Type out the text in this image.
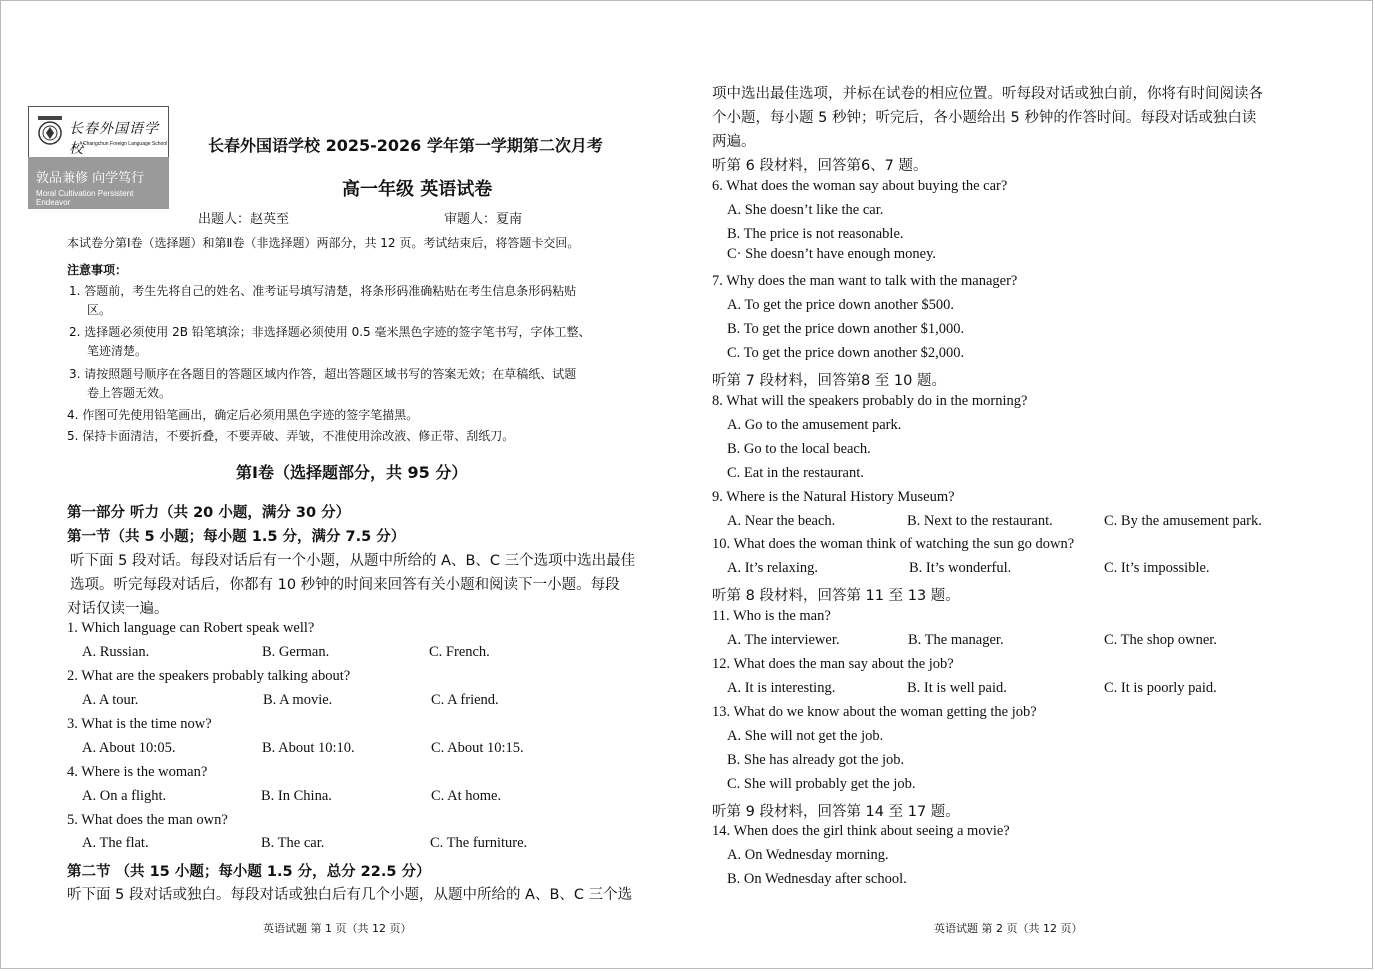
长春外国语学校 Changchun Foreign Language School
敦品兼修 向学笃行
Moral Cultivation Persistent Endeavor
长春外国语学校 2025-2026 学年第一学期第二次月考
高一年级 英语试卷
出题人：赵英至	审题人：夏南
本试卷分第Ⅰ卷（选择题）和第Ⅱ卷（非选择题）两部分，共 12 页。考试结束后，将答题卡交回。
注意事项：
1. 答题前，考生先将自己的姓名、准考证号填写清楚，将条形码准确粘贴在考生信息条形码粘贴
区。
2. 选择题必须使用 2B 铅笔填涂；非选择题必须使用 0.5 毫米黑色字迹的签字笔书写，字体工整、
笔迹清楚。
3. 请按照题号顺序在各题目的答题区域内作答，超出答题区域书写的答案无效；在草稿纸、试题
卷上答题无效。
4. 作图可先使用铅笔画出，确定后必须用黑色字迹的签字笔描黑。
5. 保持卡面清洁，不要折叠，不要弄破、弄皱，不准使用涂改液、修正带、刮纸刀。
第Ⅰ卷（选择题部分，共 95 分）
第一部分 听力（共 20 小题，满分 30 分）
第一节（共 5 小题；每小题 1.5 分，满分 7.5 分）
听下面 5 段对话。每段对话后有一个小题，从题中所给的 A、B、C 三个选项中选出最佳
选项。听完每段对话后，你都有 10 秒钟的时间来回答有关小题和阅读下一小题。每段
对话仅读一遍。
1. Which language can Robert speak well?
A. Russian.	B. German.	C. French.
2. What are the speakers probably talking about?
A. A tour.	B. A movie.	C. A friend.
3. What is the time now?
A. About 10:05.	B. About 10:10.	C. About 10:15.
4. Where is the woman?
A. On a flight.	B. In China.	C. At home.
5. What does the man own?
A. The flat.	B. The car.	C. The furniture.
第二节 （共 15 小题；每小题 1.5 分，总分 22.5 分）
听下面 5 段对话或独白。每段对话或独白后有几个小题，从题中所给的 A、B、C 三个选
项中选出最佳选项，并标在试卷的相应位置。听每段对话或独白前，你将有时间阅读各
个小题，每小题 5 秒钟；听完后，各小题给出 5 秒钟的作答时间。每段对话或独白读
两遍。
听第 6 段材料，回答第6、7 题。
6. What does the woman say about buying the car?
A. She doesn’t like the car.
B. The price is not reasonable.
C· She doesn’t have enough money.
7. Why does the man want to talk with the manager?
A. To get the price down another $500.
B. To get the price down another $1,000.
C. To get the price down another $2,000.
听第 7 段材料，回答第8 至 10 题。
8. What will the speakers probably do in the morning?
A. Go to the amusement park.
B. Go to the local beach.
C. Eat in the restaurant.
9. Where is the Natural History Museum?
A. Near the beach.	B. Next to the restaurant.	C. By the amusement park.
10. What does the woman think of watching the sun go down?
A. It’s relaxing.	B. It’s wonderful.	C. It’s impossible.
听第 8 段材料，回答第 11 至 13 题。
11. Who is the man?
A. The interviewer.	B. The manager.	C. The shop owner.
12. What does the man say about the job?
A. It is interesting.	B. It is well paid.	C. It is poorly paid.
13. What do we know about the woman getting the job?
A. She will not get the job.
B. She has already got the job.
C. She will probably get the job.
听第 9 段材料，回答第 14 至 17 题。
14. When does the girl think about seeing a movie?
A. On Wednesday morning.
B. On Wednesday after school.
英语试题 第 1 页（共 12 页）	英语试题 第 2 页（共 12 页）
